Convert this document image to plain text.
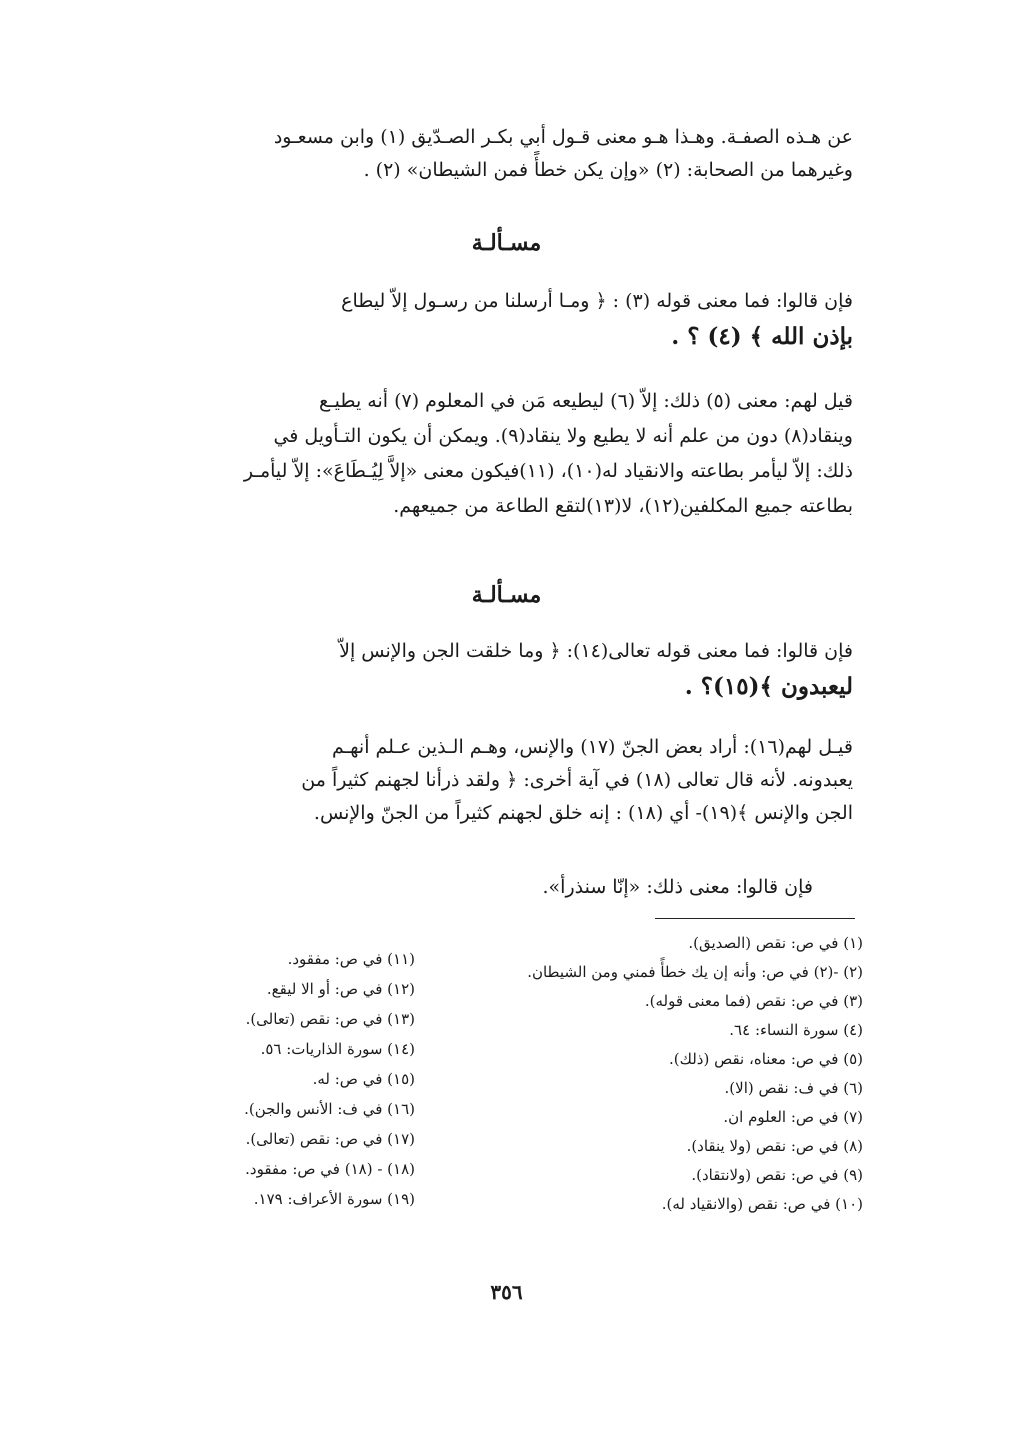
عن هـذه الصفـة. وهـذا هـو معنى قـول أبي بكـر الصـدّيق (١) وابن مسعـود
وغيرهما من الصحابة: (٢) «وإن يكن خطأً فمن الشيطان» (٢) .
مسـألـة
فإن قالوا: فما معنى قوله (٣) : ﴿ ومـا أرسلنا من رسـول إلاّ ليطاع
بإذن الله ﴾ (٤) ؟ .
قيل لهم: معنى (٥) ذلك: إلاّ (٦) ليطيعه مَن في المعلوم (٧) أنه يطيـع
وينقاد(٨) دون من علم أنه لا يطيع ولا ينقاد(٩). ويمكن أن يكون التـأويل في
ذلك: إلاّ ليأمر بطاعته والانقياد له(١٠)، (١١)فيكون معنى «إلاَّ لِيُـطَاعَ»: إلاّ ليأمـر
بطاعته جميع المكلفين(١٢)، لا(١٣)لتقع الطاعة من جميعهم.
مسـألـة
فإن قالوا: فما معنى قوله تعالى(١٤): ﴿ وما خلقت الجن والإنس إلاّ
ليعبدون ﴾(١٥)؟ .
قيـل لهم(١٦): أراد بعض الجنّ (١٧) والإنس، وهـم الـذين عـلم أنهـم
يعبدونه. لأنه قال تعالى (١٨) في آية أخرى: ﴿ ولقد ذرأنا لجهنم كثيراً من
الجن والإنس ﴾(١٩)- أي (١٨) : إنه خلق لجهنم كثيراً من الجنّ والإنس.
فإن قالوا: معنى ذلك: «إنّا سنذرأ».
(١) في ص: نقص (الصديق).
(٢) -(٢) في ص: وأنه إن يك خطأً فمني ومن الشيطان.
(٣) في ص: نقص (فما معنى قوله).
(٤) سورة النساء: ٦٤.
(٥) في ص: معناه، نقص (ذلك).
(٦) في ف: نقص (الا).
(٧) في ص: العلوم ان.
(٨) في ص: نقص (ولا ينقاد).
(٩) في ص: نقص (ولانتقاد).
(١٠) في ص: نقص (والانقياد له).
(١١) في ص: مفقود.
(١٢) في ص: أو الا ليقع.
(١٣) في ص: نقص (تعالى).
(١٤) سورة الذاريات: ٥٦.
(١٥) في ص: له.
(١٦) في ف: الأنس والجن).
(١٧) في ص: نقص (تعالى).
(١٨) - (١٨) في ص: مفقود.
(١٩) سورة الأعراف: ١٧٩.
٣٥٦
